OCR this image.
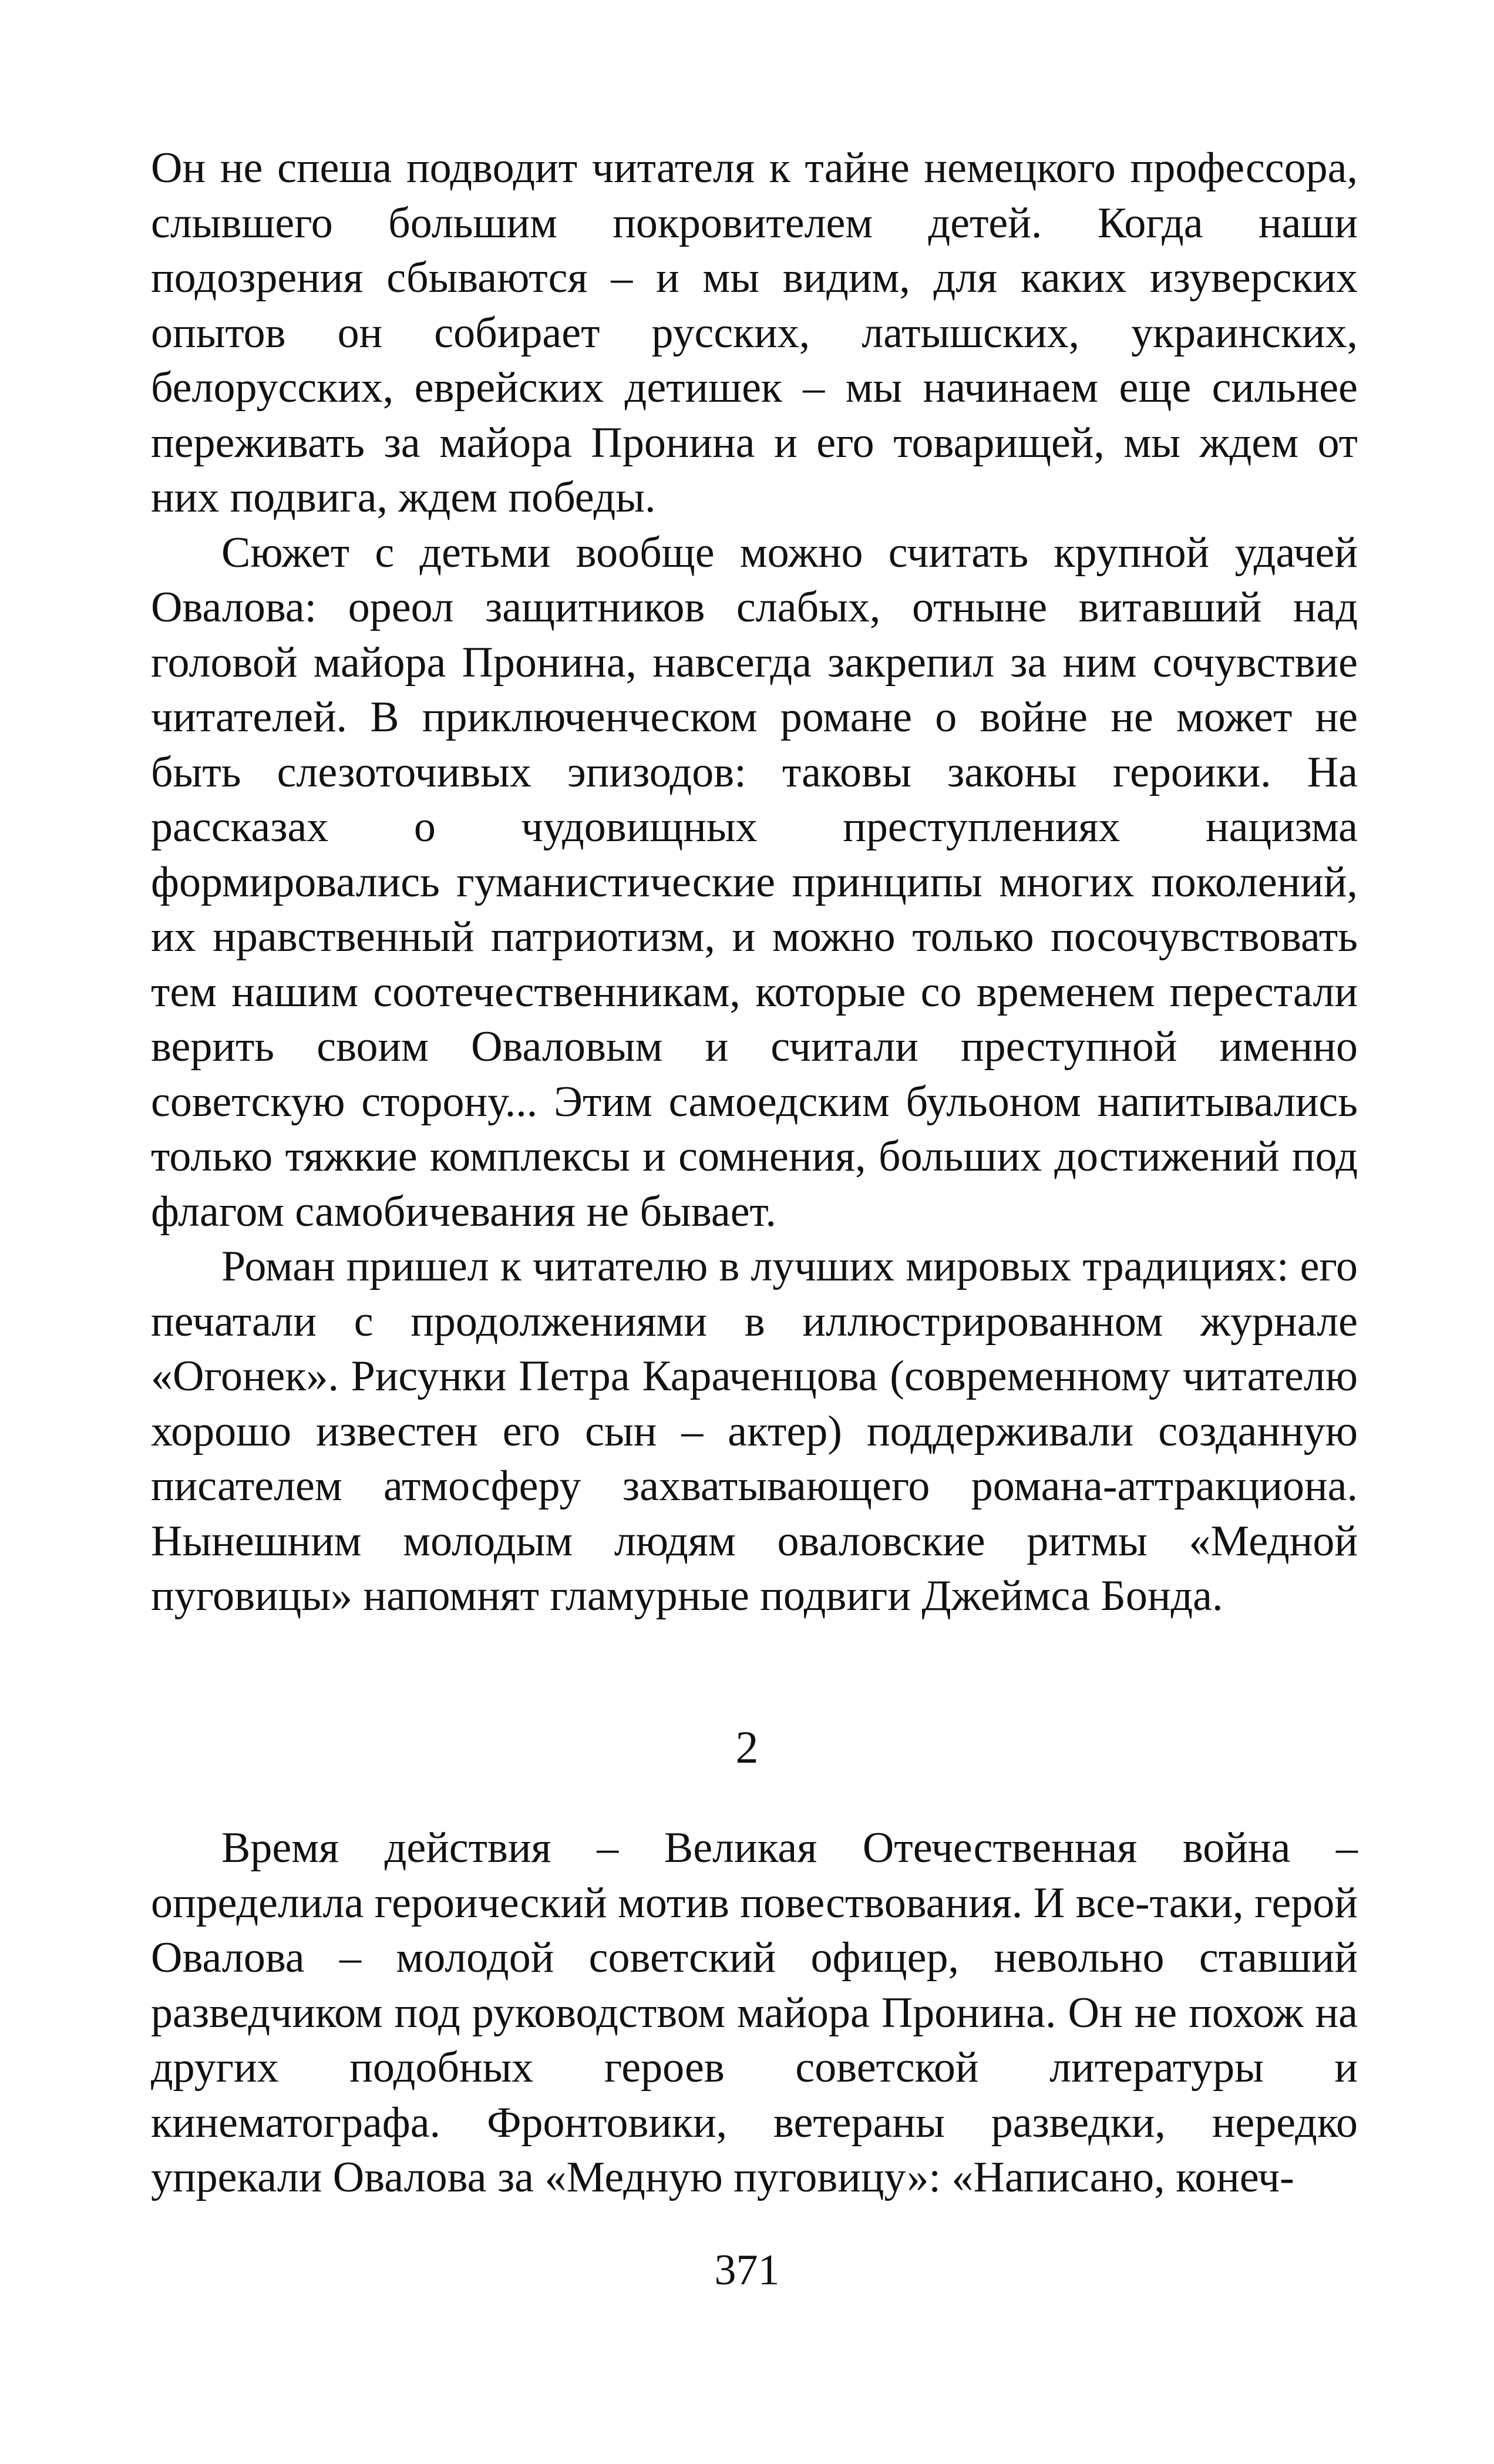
Он не спеша подводит читателя к тайне немецкого профессора, слывшего большим покровителем детей. Когда наши подозрения сбываются – и мы видим, для каких изуверских опытов он собирает русских, латышских, украинских, белорусских, еврейских детишек – мы начинаем еще сильнее переживать за майора Пронина и его товарищей, мы ждем от них подвига, ждем победы.

Сюжет с детьми вообще можно считать крупной удачей Овалова: ореол защитников слабых, отныне витавший над головой майора Пронина, навсегда закрепил за ним сочувствие читателей. В приключенческом романе о войне не может не быть слезоточивых эпизодов: таковы законы героики. На рассказах о чудовищных преступлениях нацизма формировались гуманистические принципы многих поколений, их нравственный патриотизм, и можно только посочувствовать тем нашим соотечественникам, которые со временем перестали верить своим Оваловым и считали преступной именно советскую сторону... Этим самоедским бульоном напитывались только тяжкие комплексы и сомнения, больших достижений под флагом самобичевания не бывает.

Роман пришел к читателю в лучших мировых традициях: его печатали с продолжениями в иллюстрированном журнале «Огонек». Рисунки Петра Караченцова (современному читателю хорошо известен его сын – актер) поддерживали созданную писателем атмосферу захватывающего романа-аттракциона. Нынешним молодым людям оваловские ритмы «Медной пуговицы» напомнят гламурные подвиги Джеймса Бонда.

2

Время действия – Великая Отечественная война – определила героический мотив повествования. И все-таки, герой Овалова – молодой советский офицер, невольно ставший разведчиком под руководством майора Пронина. Он не похож на других подобных героев советской литературы и кинематографа. Фронтовики, ветераны разведки, нередко упрекали Овалова за «Медную пуговицу»: «Написано, конеч-

371
